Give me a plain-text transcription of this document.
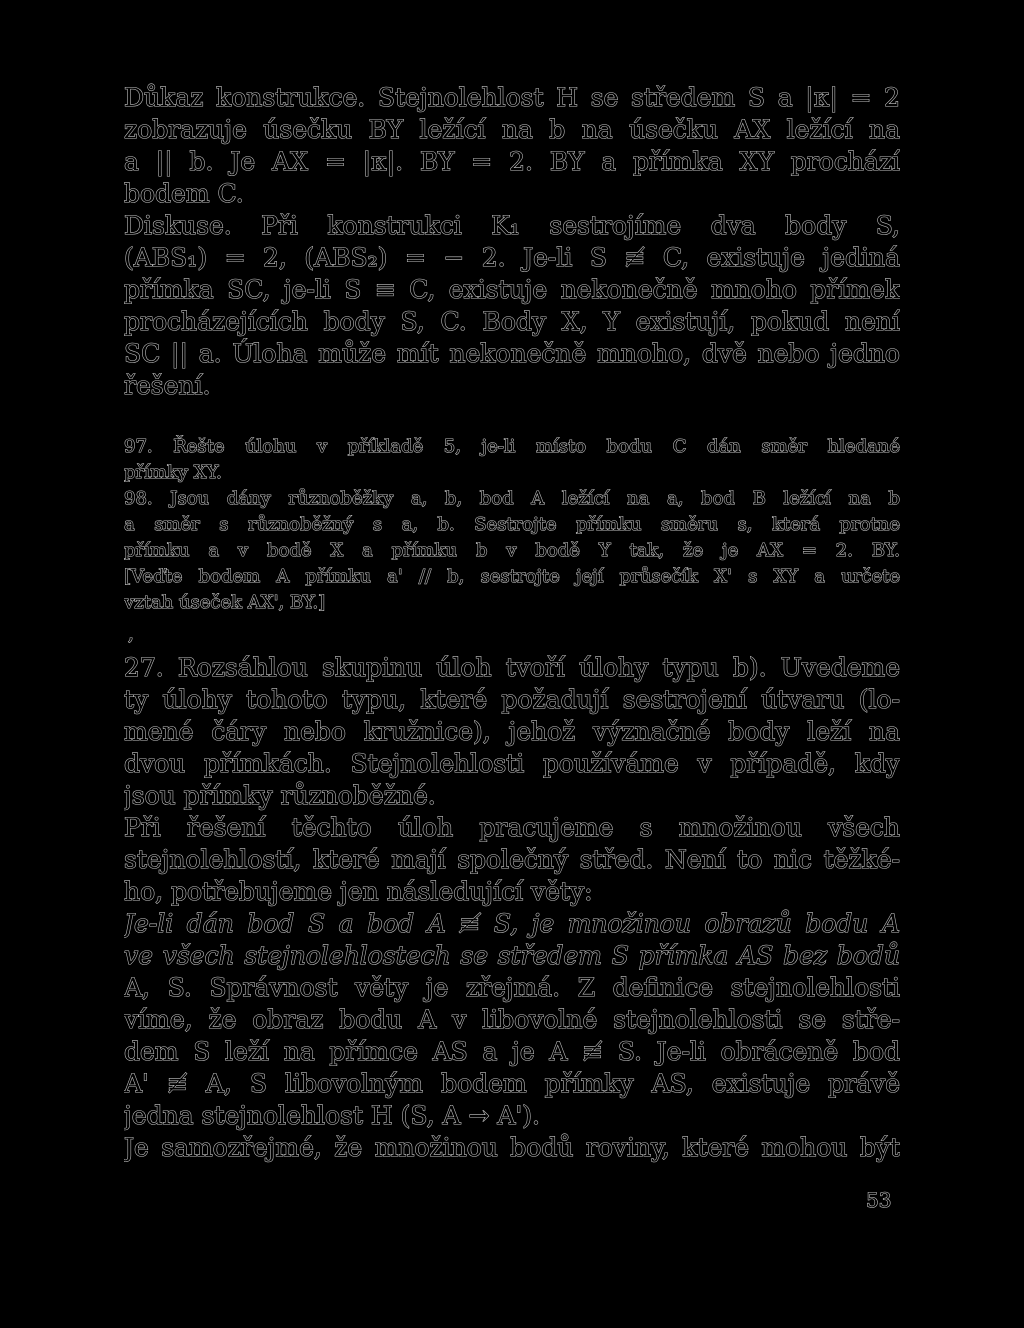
Důkaz konstrukce. Stejnolehlost H se středem S a |κ| = 2
zobrazuje úsečku BY ležící na b na úsečku AX ležící na
a || b. Je AX = |κ|. BY = 2. BY a přímka XY prochází
bodem C.
Diskuse. Při konstrukci K₁ sestrojíme dva body S,
(ABS₁) = 2, (ABS₂) = − 2. Je-li S ≢ C, existuje jediná
přímka SC, je-li S ≡ C, existuje nekonečně mnoho přímek
procházejících body S, C. Body X, Y existují, pokud není
SC || a. Úloha může mít nekonečně mnoho, dvě nebo jedno
řešení.
97. Řešte úlohu v příkladě 5, je-li místo bodu C dán směr hledané
přímky XY.
98. Jsou dány různoběžky a, b, bod A ležící na a, bod B ležící na b
a směr s různoběžný s a, b. Sestrojte přímku směru s, která protne
přímku a v bodě X a přímku b v bodě Y tak, že je AX = 2. BY.
[Veďte bodem A přímku a' // b, sestrojte její průsečík X' s XY a určete
vztah úseček AX', BY.]
,
27. Rozsáhlou skupinu úloh tvoří úlohy typu b). Uvedeme
ty úlohy tohoto typu, které požadují sestrojení útvaru (lo-
mené čáry nebo kružnice), jehož význačné body leží na
dvou přímkách. Stejnolehlosti používáme v případě, kdy
jsou přímky různoběžné.
Při řešení těchto úloh pracujeme s množinou všech
stejnolehlostí, které mají společný střed. Není to nic těžké-
ho, potřebujeme jen následující věty:
Je-li dán bod S a bod A ≢ S, je množinou obrazů bodu A
ve všech stejnolehlostech se středem S přímka AS bez bodů
A, S. Správnost věty je zřejmá. Z definice stejnolehlosti
víme, že obraz bodu A v libovolné stejnolehlosti se stře-
dem S leží na přímce AS a je A ≢ S. Je-li obráceně bod
A' ≢ A, S libovolným bodem přímky AS, existuje právě
jedna stejnolehlost H (S, A → A').
Je samozřejmé, že množinou bodů roviny, které mohou být
53
